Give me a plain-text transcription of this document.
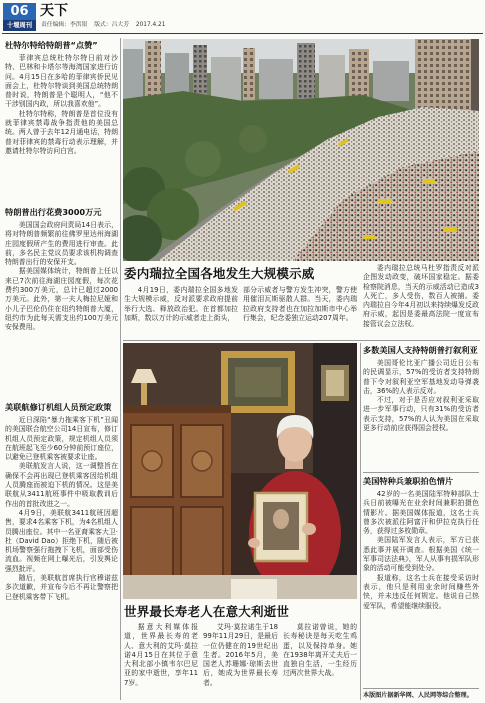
06
十堰周刊
天下
责任编辑：李洪银 版式：吕大芳 2017.4.21
杜特尔特给特朗普“点赞”

菲律宾总统杜特尔特日前对沙特、巴林和卡塔尔等海湾国家进行访问。4月15日在多哈的菲律宾侨民见面会上，杜特尔特谈到美国总统特朗普时说，特朗普是个聪明人，“他不干涉别国内政，所以我喜欢他”。

杜特尔特称，特朗普是首位没有就菲律宾禁毒战争指责他的美国总统。两人曾于去年12月通电话，特朗普对菲律宾的禁毒行动表示理解，并邀请杜特尔特访问白宫。

特朗普出行花费3000万元

美国国会政府问责局14日表示，将对特朗普频繁前往佛罗里达州海湖庄园度假所产生的费用进行审查。此前，多名民主党议员要求该机构调查特朗普出行的安保开支。

据美国媒体统计，特朗普上任以来已7次前往海湖庄园度假，每次花费约300万美元，总计已超过2000万美元。此外，第一夫人梅拉尼娅和小儿子巴伦仍住在纽约特朗普大厦，纽约市为此每天需支出约100万美元安保费用。

美联航修订机组人员预定政策

近日深陷“暴力拖乘客下机”丑闻的美国联合航空公司14日宣布，修订机组人员预定政策，规定机组人员须在航班起飞至少60分钟前预订座位，以避免已登机乘客被要求让座。

美联航发言人说，这一调整旨在确保不会再出现已登机乘客因给机组人员腾座而被迫下机的情况。这是美联航从3411航班事件中吸取教训后作出的首批改进之一。

4月9日，美联航3411航班因超售，要求4名乘客下机，为4名机组人员腾出座位。其中一名亚裔乘客大卫·杜（David Dao）拒绝下机，随后被机场警察强行拖拽下飞机，面部受伤流血。视频在网上曝光后，引发舆论强烈批评。

随后，美联航首席执行官穆诺兹多次道歉，并宣布今后不再让警察把已登机乘客带下飞机。

委内瑞拉全国各地发生大规模示威

4月19日，委内瑞拉全国多地发生大规模示威，反对派要求政府提前举行大选、释放政治犯。在首都加拉加斯，数以万计的示威者走上街头，

部分示威者与警方发生冲突，警方使用催泪瓦斯驱散人群。当天，委内瑞拉政府支持者也在加拉加斯市中心举行集会，纪念委独立运动207周年。

委内瑞拉总统马杜罗指责反对派企图发动政变，破坏国家稳定。据委检察院消息，当天的示威活动已造成3人死亡，多人受伤，数百人被捕。委内瑞拉自今年4月初以来持续爆发反政府示威，起因是委最高法院一度宣布接管议会立法权。

世界最长寿老人在意大利逝世

据意大利媒体报道，世界最长寿的老人、意大利的艾玛·莫拉诺4月15日在其位于意大利北部小镇韦尔巴尼亚的家中逝世，享年117岁。

艾玛·莫拉诺生于1899年11月29日，是最后一位仍健在的19世纪出生者。2016年5月，美国老人苏珊娜·琼斯去世后，她成为世界最长寿者。

莫拉诺曾说，她的长寿秘诀是每天吃生鸡蛋，以及保持单身。她在1938年离开丈夫后一直独自生活，一生经历过两次世界大战。

多数美国人支持特朗普打叙利亚

美国哥伦比亚广播公司近日公布的民调显示，57%的受访者支持特朗普下令对叙利亚空军基地发动导弹袭击，36%的人表示反对。

不过，对于是否应对叙利亚采取进一步军事行动，只有31%的受访者表示支持，57%的人认为美国在采取更多行动前应获得国会授权。

美国特种兵兼职拍色情片

42岁的一名美国陆军特种部队士兵日前被曝光在业余时间兼职拍摄色情影片。据美国媒体报道，这名士兵曾多次被派往阿富汗和伊拉克执行任务，获得过多枚勋章。

美国陆军发言人表示，军方已获悉此事并展开调查。根据美国《统一军事司法法典》，军人从事有损军队形象的活动可能受到处分。

报道称，这名士兵在接受采访时表示，他只是利用业余时间赚些外快，并未违反任何规定。他说自己热爱军队，希望能继续服役。

本版图片据新华网、人民网等综合整理。
